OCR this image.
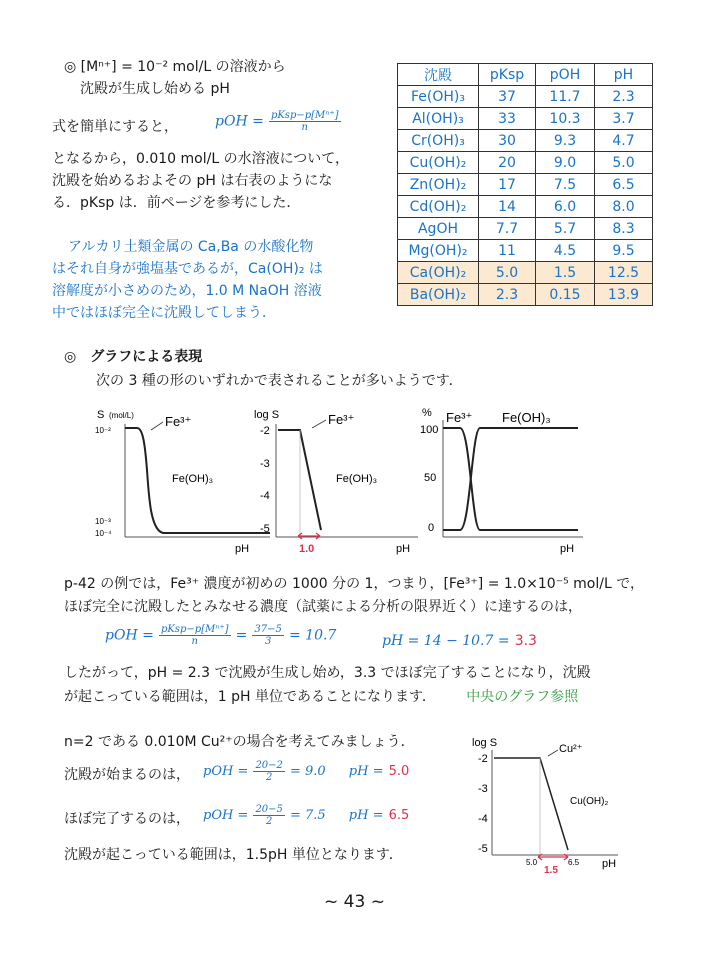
◎ [Mⁿ⁺] = 10⁻² mol/L の溶液から
沈殿が生成し始める pH
式を簡単にすると，	pOH = $\frac{\text{pKsp−p[Mⁿ⁺]}}{n}$
となるから，0.010 mol/L の水溶液について，
沈殿を始めるおよその pH は右表のようにな
る．pKsp は．前ページを参考にした．
アルカリ土類金属の Ca,Ba の水酸化物
はそれ自身が強塩基であるが，Ca(OH)₂ は
溶解度が小さめのため，1.0 M NaOH 溶液
中ではほぼ完全に沈殿してしまう．
沈殿	pKsp	pOH	pH
Fe(OH)₃	37	11.7	2.3
Al(OH)₃	33	10.3	3.7
Cr(OH)₃	30	9.3	4.7
Cu(OH)₂	20	9.0	5.0
Zn(OH)₂	17	7.5	6.5
Cd(OH)₂	14	6.0	8.0
AgOH	7.7	5.7	8.3
Mg(OH)₂	11	4.5	9.5
Ca(OH)₂	5.0	1.5	12.5
Ba(OH)₂	2.3	0.15	13.9
◎　グラフによる表現
次の 3 種の形のいずれかで表されることが多いようです．
S (mol/L)
10⁻²
10⁻³
10⁻⁴
Fe³⁺
Fe(OH)₃
pH
log S
-2
-3
-4
-5
Fe³⁺
Fe(OH)₃
1.0	pH
%
100
50
0
Fe³⁺ Fe(OH)₃
pH
p-42 の例では，Fe³⁺ 濃度が初めの 1000 分の 1，つまり，[Fe³⁺] = 1.0×10⁻⁵ mol/L で，
ほぼ完全に沈殿したとみなせる濃度（試薬による分析の限界近く）に達するのは，
pOH = $\frac{\text{pKsp−p[Mⁿ⁺]}}{n} = \frac{37-5}{3} = 10.7$	pH = 14 − 10.7 = 3.3
したがって，pH = 2.3 で沈殿が生成し始め，3.3 でほぼ完了することになり，沈殿
が起こっている範囲は，1 pH 単位であることになります． 中央のグラフ参照
n=2 である 0.010M Cu²⁺の場合を考えてみましょう．
沈殿が始まるのは， pOH = $\frac{20-2}{2} = 9.0$ pH = 5.0
ほぼ完了するのは， pOH = $\frac{20-5}{2} = 7.5$ pH = 6.5
沈殿が起こっている範囲は，1.5pH 単位となります．
log S
-2
-3
-4
-5
Cu²⁺
Cu(OH)₂
5.0	6.5
1.5
pH
~ 43 ~
